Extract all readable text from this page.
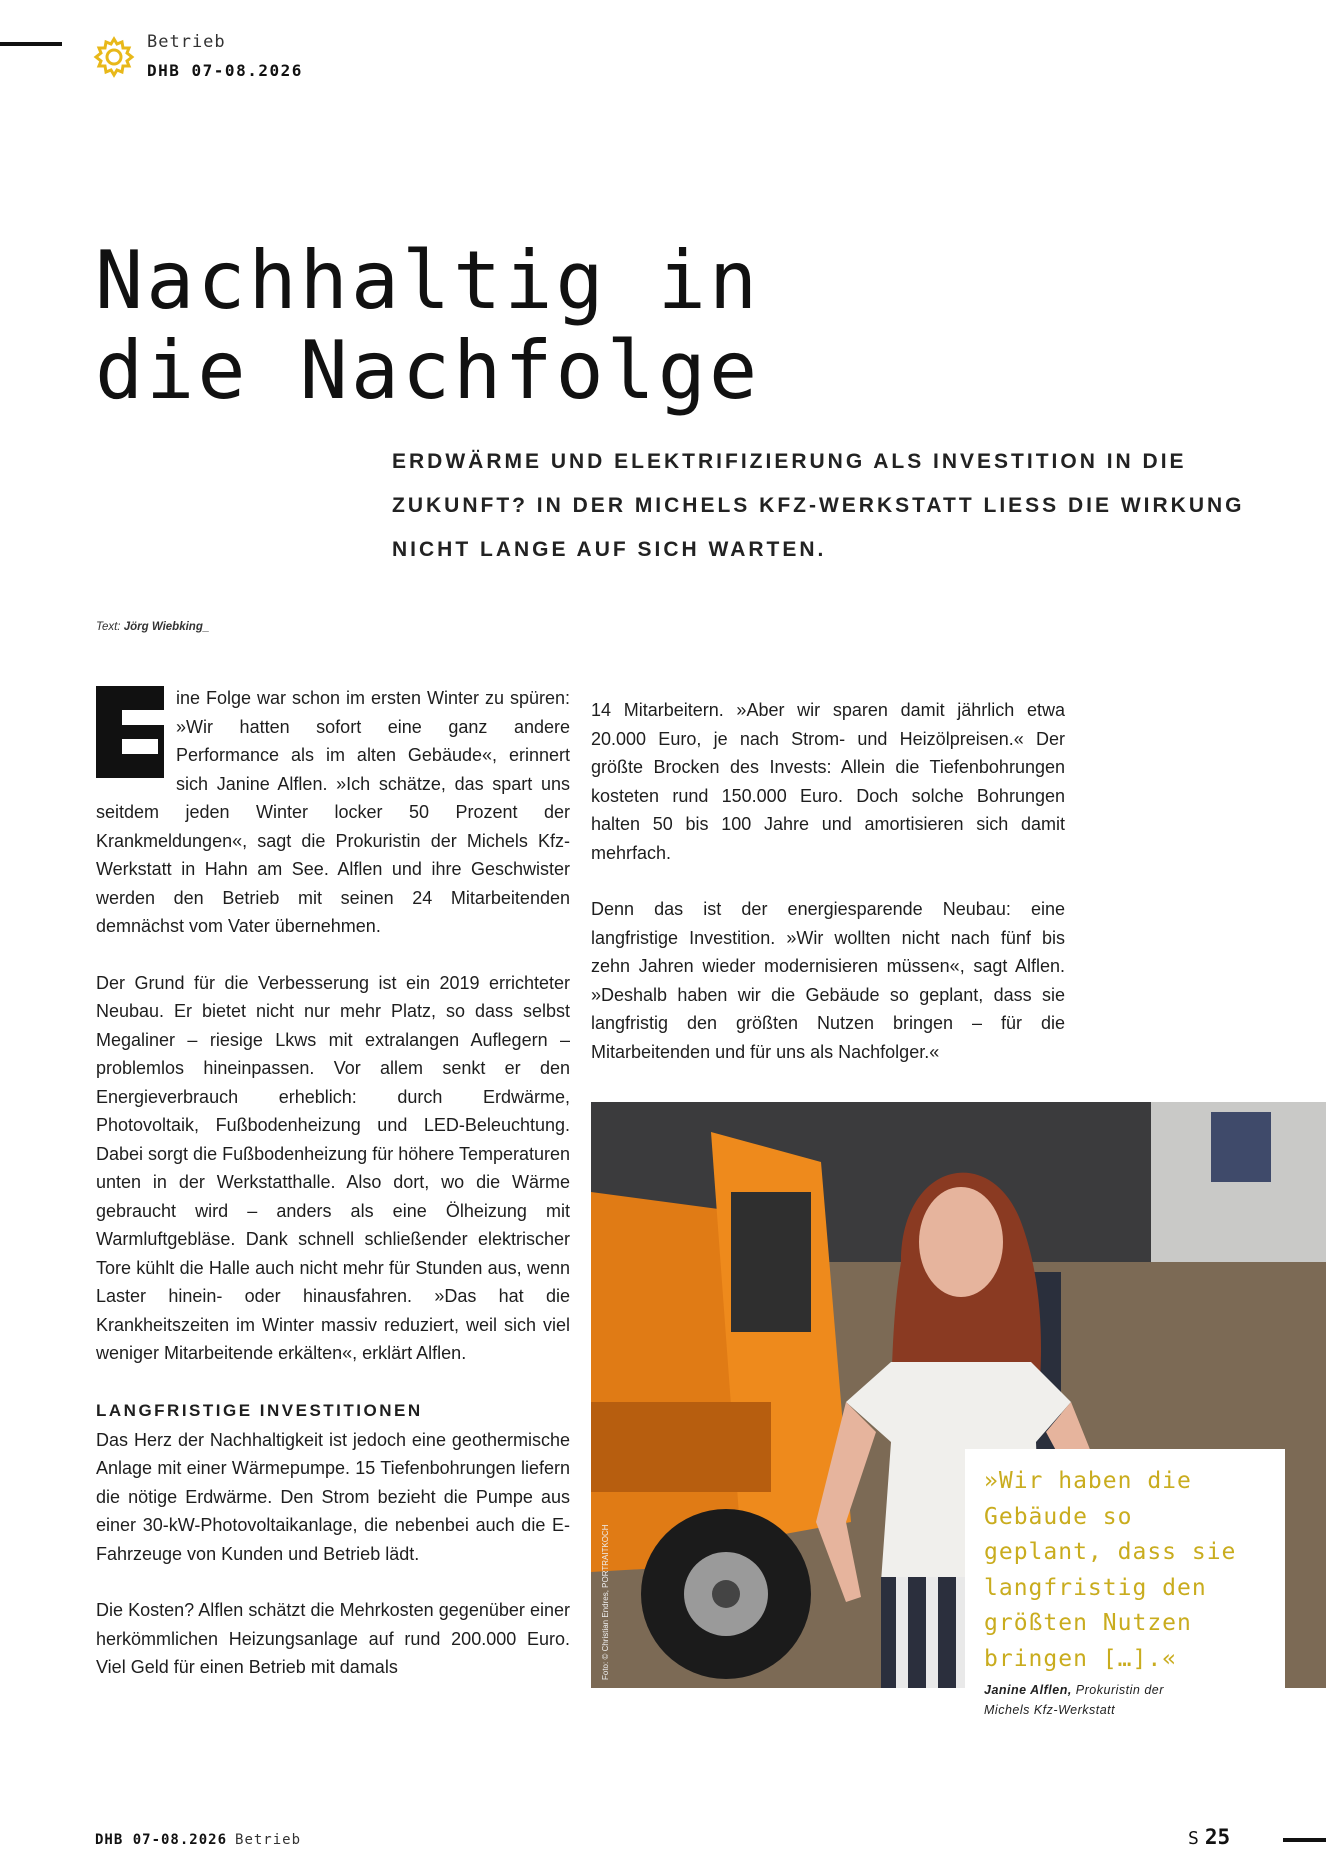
Betrieb
DHB 07-08.2026
Nachhaltig in
die Nachfolge

ERDWÄRME UND ELEKTRIFIZIERUNG ALS INVESTITION IN DIE
ZUKUNFT? IN DER MICHELS KFZ-WERKSTATT LIESS DIE WIRKUNG
NICHT LANGE AUF SICH WARTEN.

Text: Jörg Wiebking_

ine Folge war schon im ersten Winter zu spüren: »Wir hatten sofort eine ganz andere Performance als im alten Gebäude«, erinnert sich Janine Alflen. »Ich schätze, das spart uns seitdem jeden Winter locker 50 Prozent der Krankmeldungen«, sagt die Prokuristin der Michels Kfz-Werkstatt in Hahn am See. Alflen und ihre Geschwister werden den Betrieb mit seinen 24 Mitarbeitenden demnächst vom Vater übernehmen.

Der Grund für die Verbesserung ist ein 2019 errichteter Neubau. Er bietet nicht nur mehr Platz, so dass selbst Megaliner – riesige Lkws mit extralangen Auflegern – problemlos hineinpassen. Vor allem senkt er den Energieverbrauch erheblich: durch Erdwärme, Photovoltaik, Fußbodenheizung und LED-Beleuchtung. Dabei sorgt die Fußbodenheizung für höhere Temperaturen unten in der Werkstatthalle. Also dort, wo die Wärme gebraucht wird – anders als eine Ölheizung mit Warmluftgebläse. Dank schnell schließender elektrischer Tore kühlt die Halle auch nicht mehr für Stunden aus, wenn Laster hinein- oder hinausfahren. »Das hat die Krankheitszeiten im Winter massiv reduziert, weil sich viel weniger Mitarbeitende erkälten«, erklärt Alflen.

LANGFRISTIGE INVESTITIONEN

Das Herz der Nachhaltigkeit ist jedoch eine geothermische Anlage mit einer Wärmepumpe. 15 Tiefenbohrungen liefern die nötige Erdwärme. Den Strom bezieht die Pumpe aus einer 30-kW-Photovoltaikanlage, die nebenbei auch die E-Fahrzeuge von Kunden und Betrieb lädt.

Die Kosten? Alflen schätzt die Mehrkosten gegenüber einer herkömmlichen Heizungsanlage auf rund 200.000 Euro. Viel Geld für einen Betrieb mit damals

14 Mitarbeitern. »Aber wir sparen damit jährlich etwa 20.000 Euro, je nach Strom- und Heizölpreisen.« Der größte Brocken des Invests: Allein die Tiefenbohrungen kosteten rund 150.000 Euro. Doch solche Bohrungen halten 50 bis 100 Jahre und amortisieren sich damit mehrfach.

Denn das ist der energiesparende Neubau: eine langfristige Investition. »Wir wollten nicht nach fünf bis zehn Jahren wieder modernisieren müssen«, sagt Alflen. »Deshalb haben wir die Gebäude so geplant, dass sie langfristig den größten Nutzen bringen – für die Mitarbeitenden und für uns als Nachfolger.«

Foto: © Christian Endres, PORTRAITKOCH

»Wir haben die
Gebäude so
geplant, dass sie
langfristig den
größten Nutzen
bringen […].«

Janine Alflen, Prokuristin der
Michels Kfz-Werkstatt
DHB 07-08.2026 Betrieb	S 25
